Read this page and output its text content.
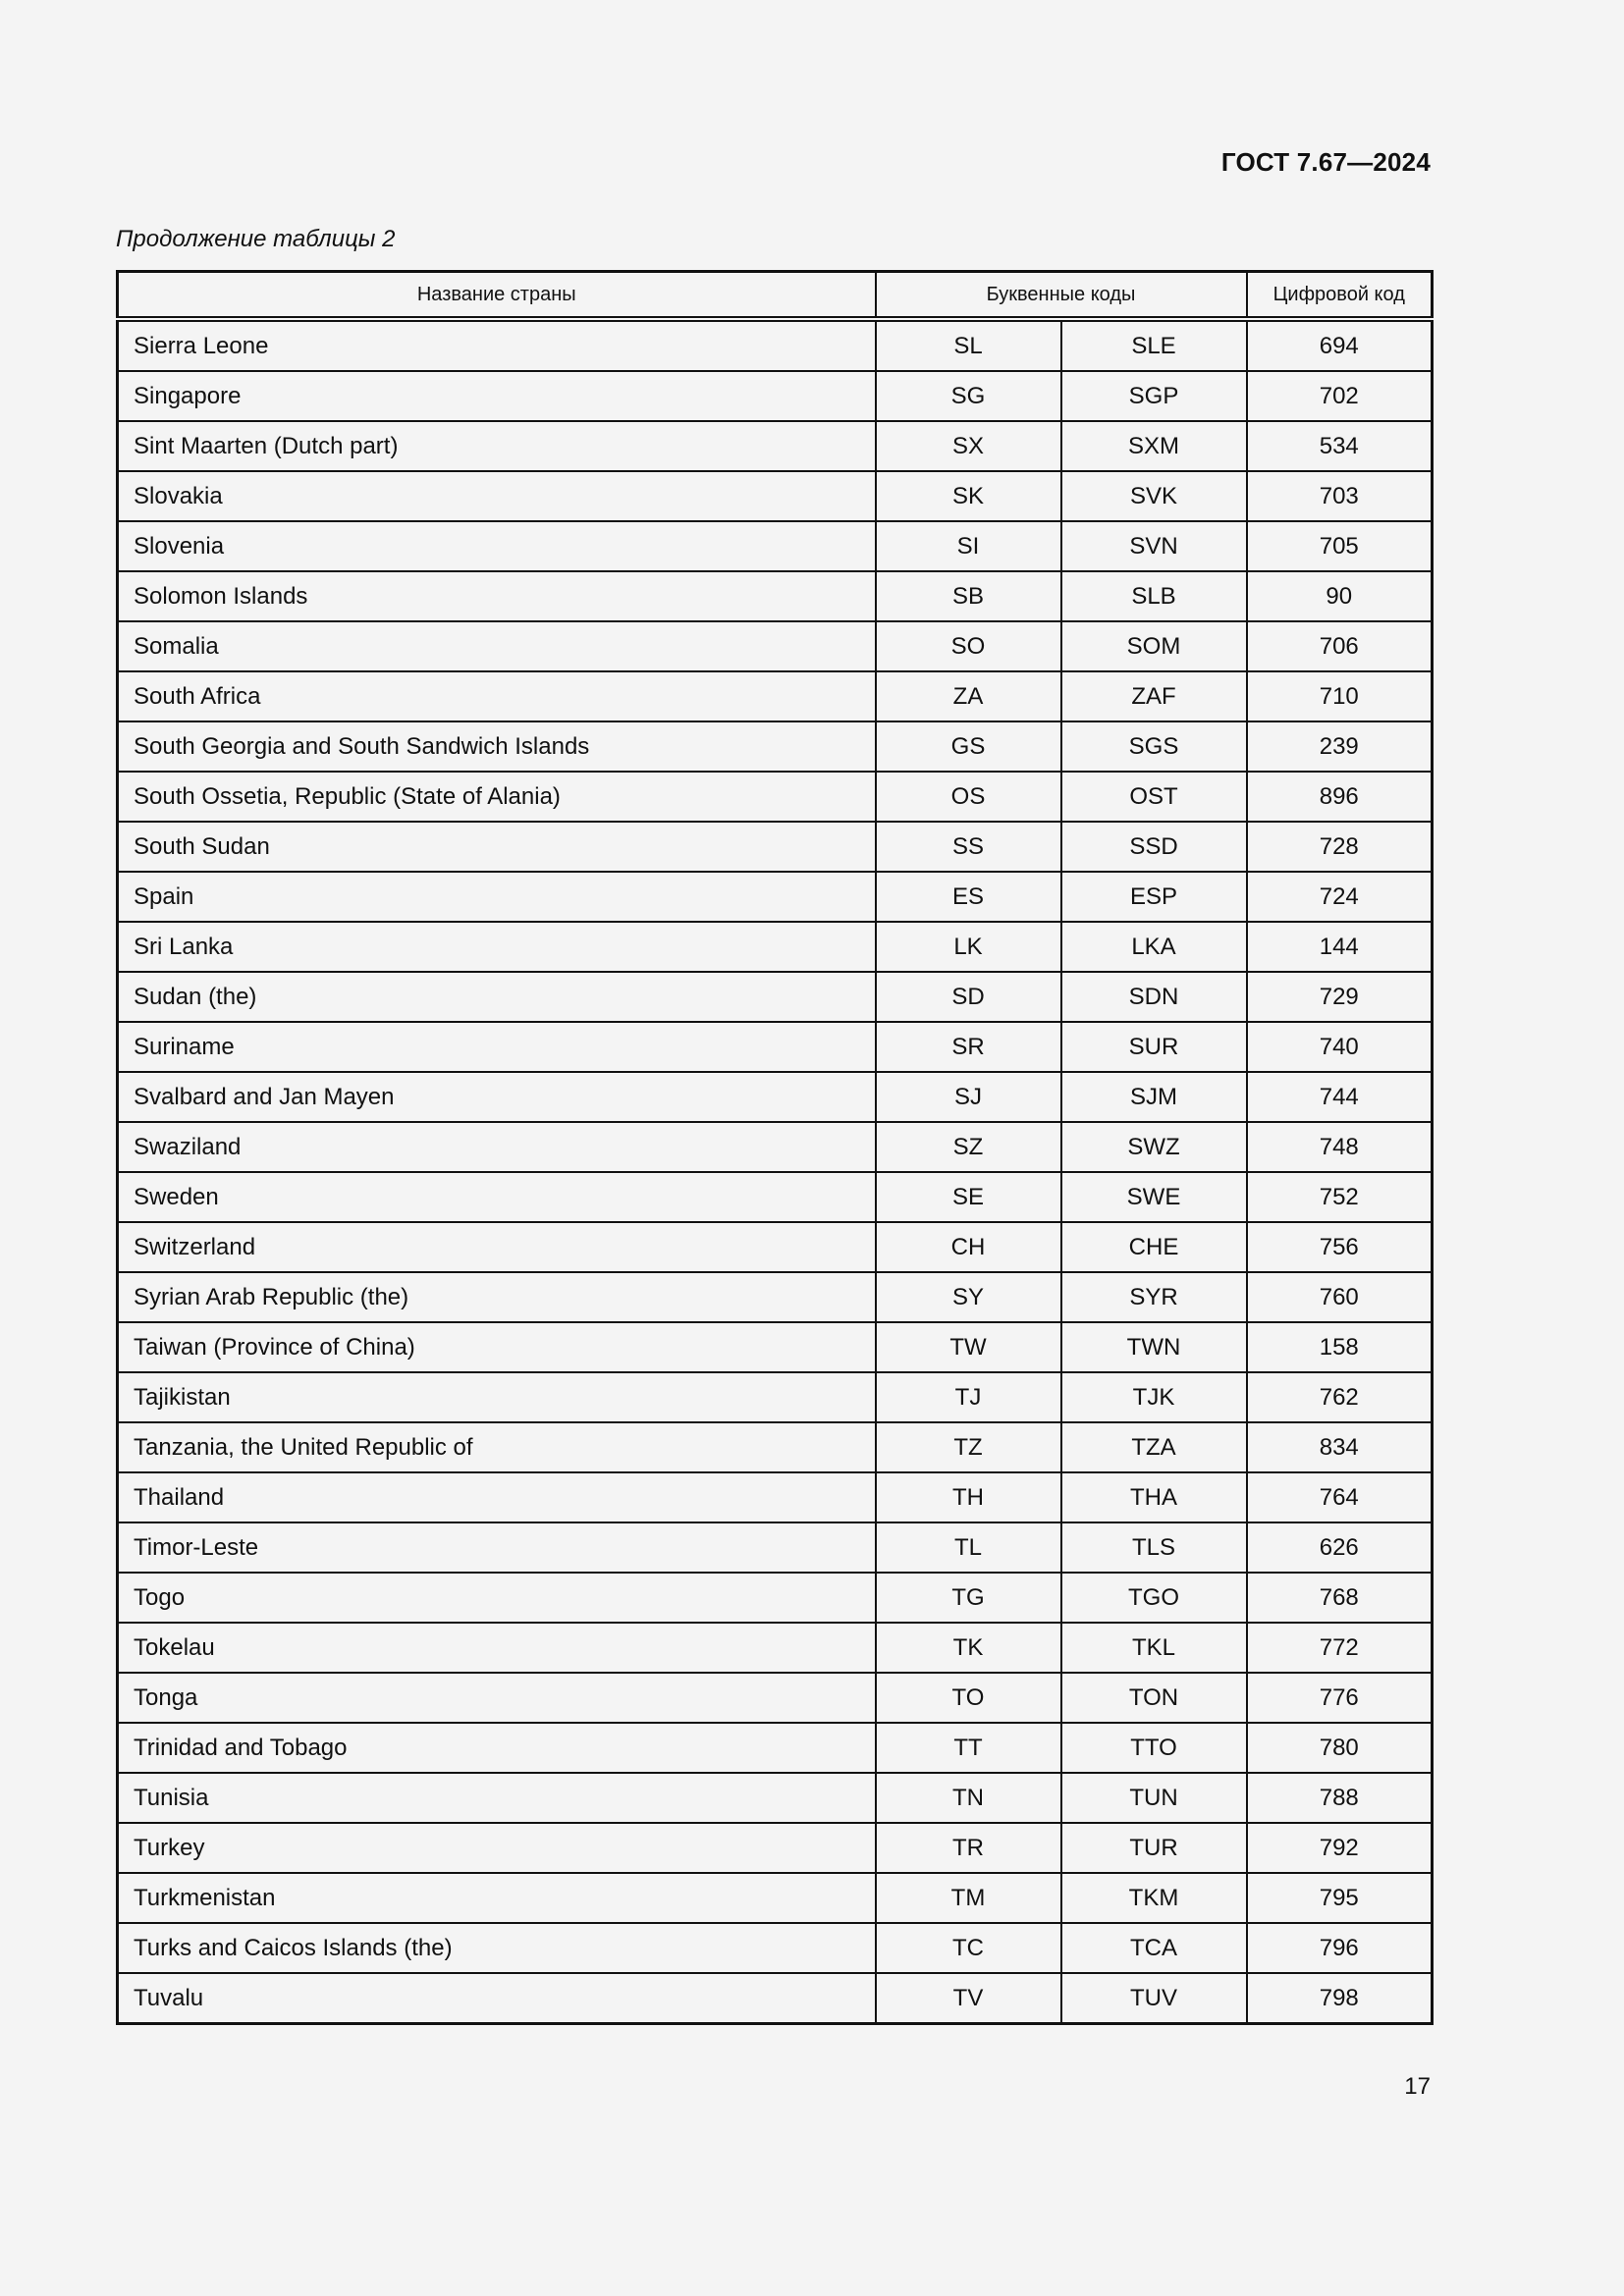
ГОСТ 7.67—2024
Продолжение таблицы 2
Название страны	Буквенные коды		Цифровой код
Sierra Leone	SL	SLE	694
Singapore	SG	SGP	702
Sint Maarten (Dutch part)	SX	SXM	534
Slovakia	SK	SVK	703
Slovenia	SI	SVN	705
Solomon Islands	SB	SLB	90
Somalia	SO	SOM	706
South Africa	ZA	ZAF	710
South Georgia and South Sandwich Islands	GS	SGS	239
South Ossetia, Republic (State of Alania)	OS	OST	896
South Sudan	SS	SSD	728
Spain	ES	ESP	724
Sri Lanka	LK	LKA	144
Sudan (the)	SD	SDN	729
Suriname	SR	SUR	740
Svalbard and Jan Mayen	SJ	SJM	744
Swaziland	SZ	SWZ	748
Sweden	SE	SWE	752
Switzerland	CH	CHE	756
Syrian Arab Republic (the)	SY	SYR	760
Taiwan (Province of China)	TW	TWN	158
Tajikistan	TJ	TJK	762
Tanzania, the United Republic of	TZ	TZA	834
Thailand	TH	THA	764
Timor-Leste	TL	TLS	626
Togo	TG	TGO	768
Tokelau	TK	TKL	772
Tonga	TO	TON	776
Trinidad and Tobago	TT	TTO	780
Tunisia	TN	TUN	788
Turkey	TR	TUR	792
Turkmenistan	TM	TKM	795
Turks and Caicos Islands (the)	TC	TCA	796
Tuvalu	TV	TUV	798
17
